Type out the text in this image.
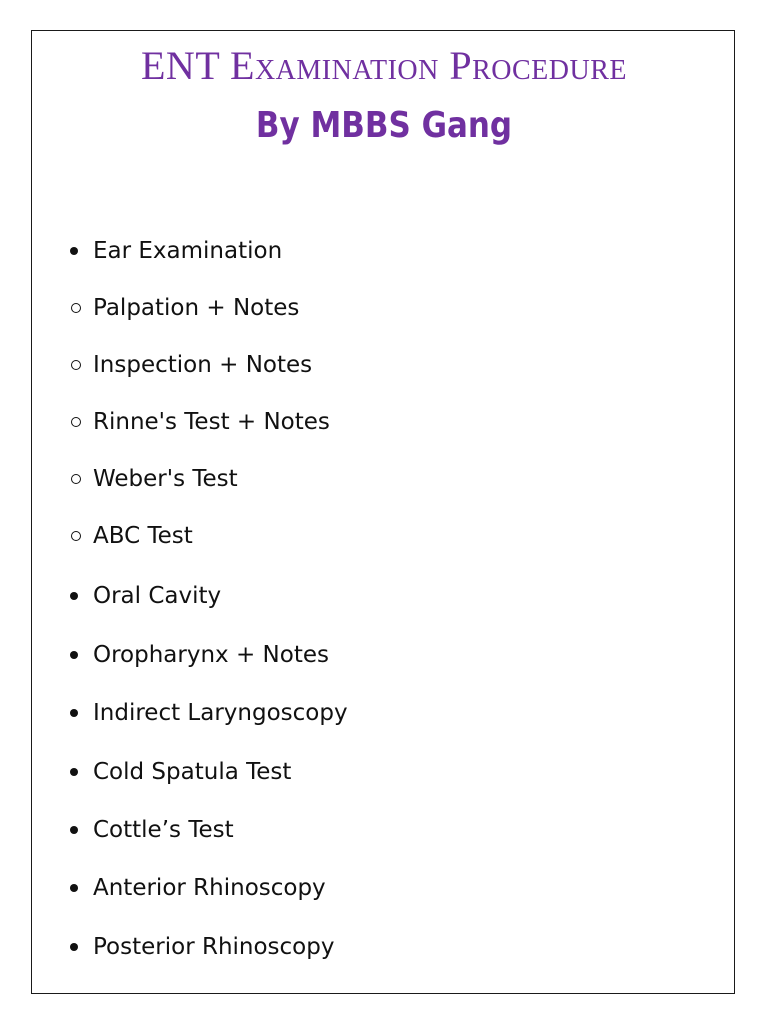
ENT Examination Procedure
By MBBS Gang
Ear Examination
Palpation + Notes
Inspection + Notes
Rinne's Test + Notes
Weber's Test
ABC Test
Oral Cavity
Oropharynx + Notes
Indirect Laryngoscopy
Cold Spatula Test
Cottle’s Test
Anterior Rhinoscopy
Posterior Rhinoscopy
